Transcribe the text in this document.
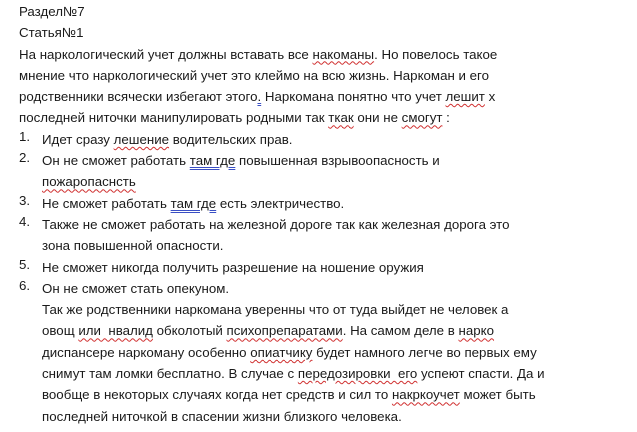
Раздел№7
Статья№1
На наркологический учет должны вставать все накоманы. Но повелось такое
мнение что наркологический учет это клеймо на всю жизнь. Наркоман и его
родственники всячески избегают этого. Наркомана понятно что учет лешит х
последней ниточки манипулировать родными так ткак они не смогут :
1. Идет сразу лешение водительских прав.
2. Он не сможет работать там где повышенная взрывоопасность и
пожаропаснсть
3. Не сможет работать там где есть электричество.
4. Также не сможет работать на железной дороге так как железная дорога это
зона повышенной опасности.
5. Не сможет никогда получить разрешение на ношение оружия
6. Он не сможет стать опекуном.
Так же родственники наркомана уверенны что от туда выйдет не человек а
овощ или  нвалид обколотый психопрепаратами. На самом деле в нарко
диспансере наркоману особенно опиатчику будет намного легче во первых ему
снимут там ломки бесплатно. В случае с передозировки  его успеют спасти. Да и
вообще в некоторых случаях когда нет средств и сил то накркоучет может быть
последней ниточкой в спасении жизни близкого человека.
